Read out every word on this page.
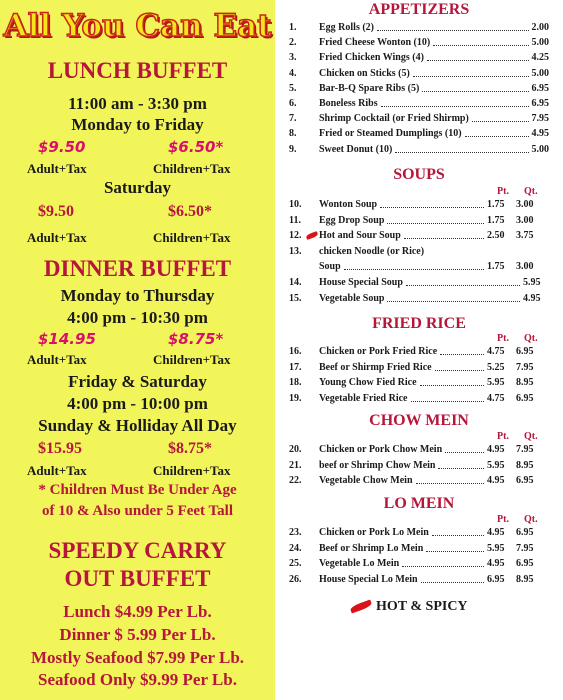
All You Can Eat
LUNCH BUFFET
11:00 am - 3:30 pm
Monday to Friday
$9.50	$6.50*
Adult+Tax	Children+Tax
Saturday
$9.50	$6.50*
Adult+Tax	Children+Tax
DINNER BUFFET
Monday to Thursday
4:00 pm - 10:30 pm
$14.95	$8.75*
Adult+Tax	Children+Tax
Friday & Saturday
4:00 pm - 10:00 pm
Sunday & Holliday All Day
$15.95	$8.75*
Adult+Tax	Children+Tax
* Children Must Be Under Age
of 10 & Also under 5 Feet Tall
SPEEDY CARRY
OUT BUFFET
Lunch $4.99 Per Lb.
Dinner $ 5.99 Per Lb.
Mostly Seafood $7.99 Per Lb.
Seafood Only $9.99 Per Lb.
APPETIZERS
1.	Egg Rolls (2)	2.00
2.	Fried Cheese Wonton (10)	5.00
3.	Fried Chicken Wings (4)	4.25
4.	Chicken on Sticks (5)	5.00
5.	Bar-B-Q Spare Ribs (5)	6.95
6.	Boneless Ribs	6.95
7.	Shrimp Cocktail (or Fried Shirmp)	7.95
8.	Fried or Steamed Dumplings (10)	4.95
9.	Sweet Donut (10)	5.00
SOUPS
Pt. Qt.
10.	Wonton Soup	1.75 3.00
11.	Egg Drop Soup	1.75 3.00
12.	Hot and Sour Soup	2.50 3.75
13.	chicken Noodle (or Rice)
Soup	1.75 3.00
14.	House Special Soup	5.95
15.	Vegetable Soup	4.95
FRIED RICE
Pt. Qt.
16.	Chicken or Pork Fried Rice	4.75 6.95
17.	Beef or Shirmp Fried Rice	5.25 7.95
18.	Young Chow Fied Rice	5.95 8.95
19.	Vegetable Fried Rice	4.75 6.95
CHOW MEIN
Pt. Qt.
20.	Chicken or Pork Chow Mein	4.95 7.95
21.	beef or Shrimp Chow Mein	5.95 8.95
22.	Vegetable Chow Mein	4.95 6.95
LO MEIN
Pt. Qt.
23.	Chicken or Pork Lo Mein	4.95 6.95
24.	Beef or Shrimp Lo Mein	5.95 7.95
25.	Vegetable Lo Mein	4.95 6.95
26.	House Special Lo Mein	6.95 8.95
HOT & SPICY
